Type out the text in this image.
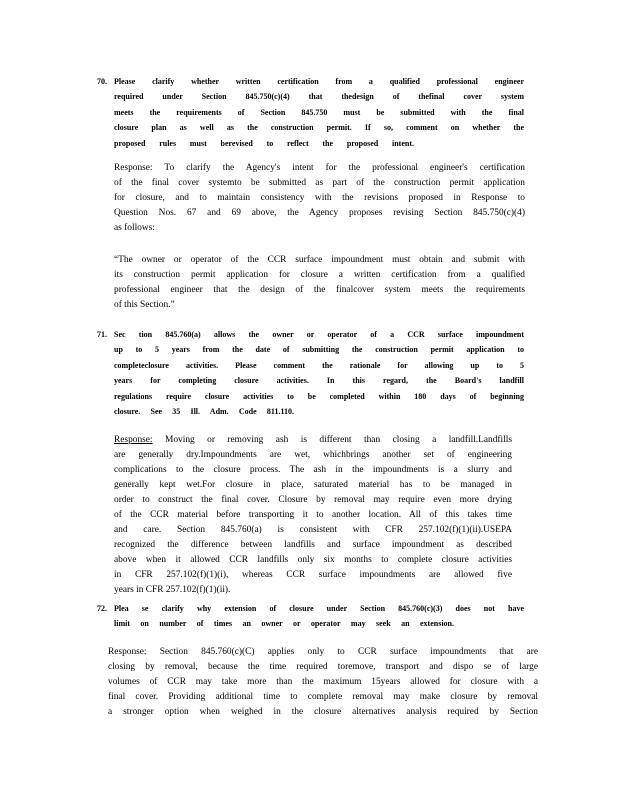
70. Please clarify whether written certification from a qualified professional engineer
required under Section 845.750(c)(4) that thedesign of thefinal cover system
meets the requirements of Section 845.750 must be submitted with the final
closure plan as well as the construction permit. If so, comment on whether the
proposed rules must berevised to reflect the proposed intent.
Response: To clarify the Agency's intent for the professional engineer's certification
of the final cover systemto be submitted as part of the construction permit application
for closure, and to maintain consistency with the revisions proposed in Response to
Question Nos. 67 and 69 above, the Agency proposes revising Section 845.750(c)(4)
as follows:
“The owner or operator of the CCR surface impoundment must obtain and submit with
its construction permit application for closure a written certification from a qualified
professional engineer that the design of the finalcover system meets the requirements
of this Section.”
71. Sec tion 845.760(a) allows the owner or operator of a CCR surface impoundment
up to 5 years from the date of submitting the construction permit application to
completeclosure activities. Please comment the rationale for allowing up to 5
years for completing closure activities. In this regard, the Board's landfill
regulations require closure activities to be completed within 180 days of beginning
closure. See 35 Ill. Adm. Code 811.110.
Response: Moving or removing ash is different than closing a landfill.Landfills
are generally dry.Impoundments are wet, whichbrings another set of engineering
complications to the closure process. The ash in the impoundments is a slurry and
generally kept wet.For closure in place, saturated material has to be managed in
order to construct the final cover. Closure by removal may require even more drying
of the CCR material before transporting it to another location. All of this takes time
and care. Section 845.760(a) is consistent with CFR 257.102(f)(1)(ii).USEPA
recognized the difference between landfills and surface impoundment as described
above when it allowed CCR landfills only six months to complete closure activities
in CFR 257.102(f)(1)(i), whereas CCR surface impoundments are allowed five
years in CFR 257.102(f)(1)(ii).
72. Plea se clarify why extension of closure under Section 845.760(c)(3) does not have
limit on number of times an owner or operator may seek an extension.
Response: Section 845.760(c)(C) applies only to CCR surface impoundments that are
closing by removal, because the time required toremove, transport and dispo se of large
volumes of CCR may take more than the maximum 15years allowed for closure with a
final cover. Providing additional time to complete removal may make closure by removal
a stronger option when weighed in the closure alternatives analysis required by Section
